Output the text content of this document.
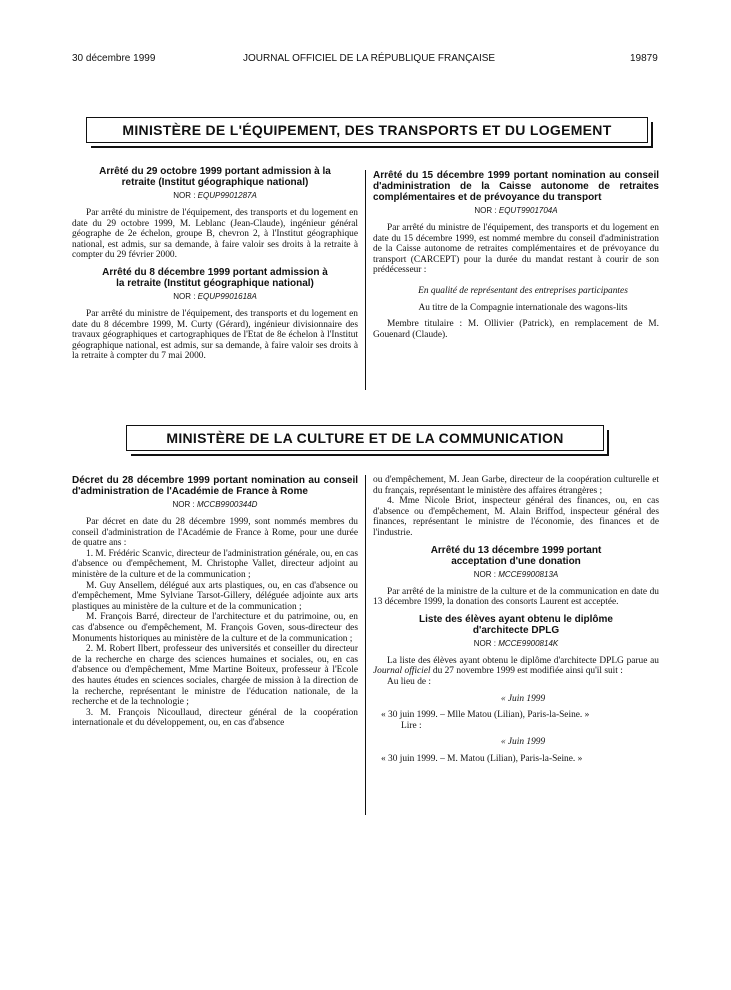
30 décembre 1999	JOURNAL OFFICIEL DE LA RÉPUBLIQUE FRANÇAISE	19879
MINISTÈRE DE L'ÉQUIPEMENT, DES TRANSPORTS ET DU LOGEMENT
Arrêté du 29 octobre 1999 portant admission à la retraite (Institut géographique national)
NOR : EQUP9901287A

Par arrêté du ministre de l'équipement, des transports et du logement en date du 29 octobre 1999, M. Leblanc (Jean-Claude), ingénieur général géographe de 2e échelon, groupe B, chevron 2, à l'Institut géographique national, est admis, sur sa demande, à faire valoir ses droits à la retraite à compter du 29 février 2000.

Arrêté du 8 décembre 1999 portant admission à la retraite (Institut géographique national)
NOR : EQUP9901618A

Par arrêté du ministre de l'équipement, des transports et du logement en date du 8 décembre 1999, M. Curty (Gérard), ingénieur divisionnaire des travaux géographiques et cartographiques de l'Etat de 8e échelon à l'Institut géographique national, est admis, sur sa demande, à faire valoir ses droits à la retraite à compter du 7 mai 2000.

Arrêté du 15 décembre 1999 portant nomination au conseil d'administration de la Caisse autonome de retraites complémentaires et de prévoyance du transport
NOR : EQUT9901704A

Par arrêté du ministre de l'équipement, des transports et du logement en date du 15 décembre 1999, est nommé membre du conseil d'administration de la Caisse autonome de retraites complémentaires et de prévoyance du transport (CARCEPT) pour la durée du mandat restant à courir de son prédécesseur :

En qualité de représentant des entreprises participantes

Au titre de la Compagnie internationale des wagons-lits

Membre titulaire : M. Ollivier (Patrick), en remplacement de M. Gouenard (Claude).

MINISTÈRE DE LA CULTURE ET DE LA COMMUNICATION
Décret du 28 décembre 1999 portant nomination au conseil d'administration de l'Académie de France à Rome
NOR : MCCB9900344D

Par décret en date du 28 décembre 1999, sont nommés membres du conseil d'administration de l'Académie de France à Rome, pour une durée de quatre ans :

1. M. Frédéric Scanvic, directeur de l'administration générale, ou, en cas d'absence ou d'empêchement, M. Christophe Vallet, directeur adjoint au ministère de la culture et de la communication ;

M. Guy Ansellem, délégué aux arts plastiques, ou, en cas d'absence ou d'empêchement, Mme Sylviane Tarsot-Gillery, déléguée adjointe aux arts plastiques au ministère de la culture et de la communication ;

M. François Barré, directeur de l'architecture et du patrimoine, ou, en cas d'absence ou d'empêchement, M. François Goven, sous-directeur des Monuments historiques au ministère de la culture et de la communication ;

2. M. Robert Ilbert, professeur des universités et conseiller du directeur de la recherche en charge des sciences humaines et sociales, ou, en cas d'absence ou d'empêchement, Mme Martine Boiteux, professeur à l'Ecole des hautes études en sciences sociales, chargée de mission à la direction de la recherche, représentant le ministre de l'éducation nationale, de la recherche et de la technologie ;

3. M. François Nicoullaud, directeur général de la coopération internationale et du développement, ou, en cas d'absence

ou d'empêchement, M. Jean Garbe, directeur de la coopération culturelle et du français, représentant le ministère des affaires étrangères ;

4. Mme Nicole Briot, inspecteur général des finances, ou, en cas d'absence ou d'empêchement, M. Alain Briffod, inspecteur général des finances, représentant le ministre de l'économie, des finances et de l'industrie.

Arrêté du 13 décembre 1999 portant acceptation d'une donation
NOR : MCCE9900813A

Par arrêté de la ministre de la culture et de la communication en date du 13 décembre 1999, la donation des consorts Laurent est acceptée.

Liste des élèves ayant obtenu le diplôme d'architecte DPLG
NOR : MCCE9900814K

La liste des élèves ayant obtenu le diplôme d'architecte DPLG parue au Journal officiel du 27 novembre 1999 est modifiée ainsi qu'il suit :

Au lieu de :

« Juin 1999

« 30 juin 1999. – Mlle Matou (Lilian), Paris-la-Seine. »

Lire :

« Juin 1999

« 30 juin 1999. – M. Matou (Lilian), Paris-la-Seine. »
